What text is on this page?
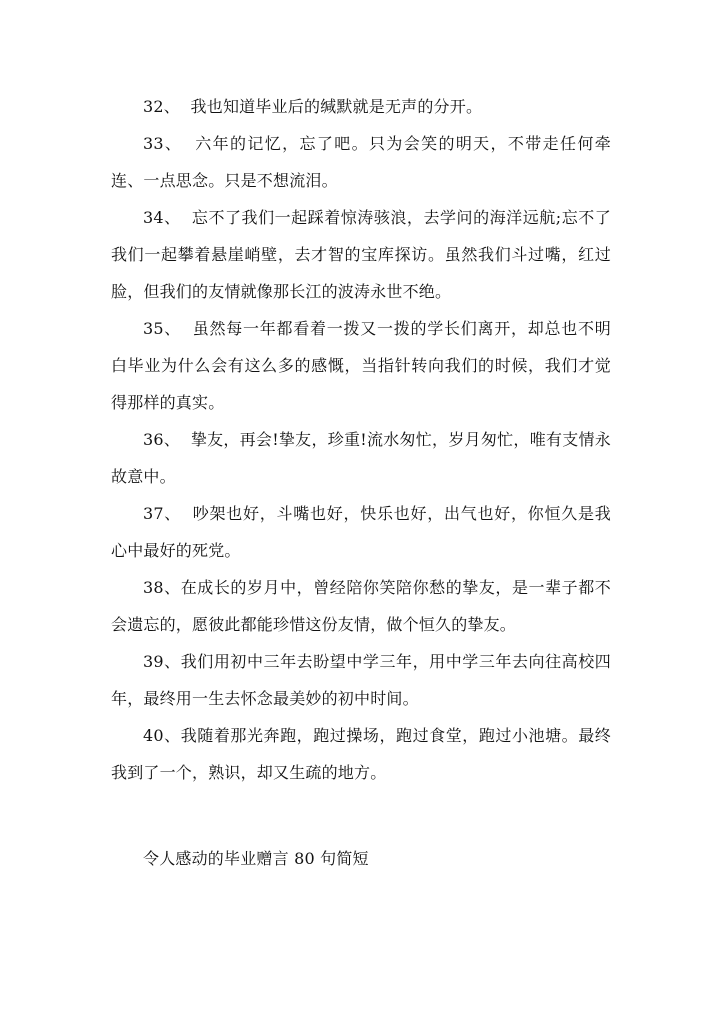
32、 我也知道毕业后的缄默就是无声的分开。

33、 六年的记忆，忘了吧。只为会笑的明天，不带走任何牵连、一点思念。只是不想流泪。

34、 忘不了我们一起踩着惊涛骇浪，去学问的海洋远航;忘不了我们一起攀着悬崖峭壁，去才智的宝库探访。虽然我们斗过嘴，红过脸，但我们的友情就像那长江的波涛永世不绝。

35、 虽然每一年都看着一拨又一拨的学长们离开，却总也不明白毕业为什么会有这么多的感慨，当指针转向我们的时候，我们才觉得那样的真实。

36、 挚友，再会!挚友，珍重!流水匆忙，岁月匆忙，唯有支情永故意中。

37、 吵架也好，斗嘴也好，快乐也好，出气也好，你恒久是我心中最好的死党。

38、在成长的岁月中，曾经陪你笑陪你愁的挚友，是一辈子都不会遗忘的，愿彼此都能珍惜这份友情，做个恒久的挚友。

39、我们用初中三年去盼望中学三年，用中学三年去向往高校四年，最终用一生去怀念最美妙的初中时间。

40、我随着那光奔跑，跑过操场，跑过食堂，跑过小池塘。最终我到了一个，熟识，却又生疏的地方。

令人感动的毕业赠言 80 句简短
